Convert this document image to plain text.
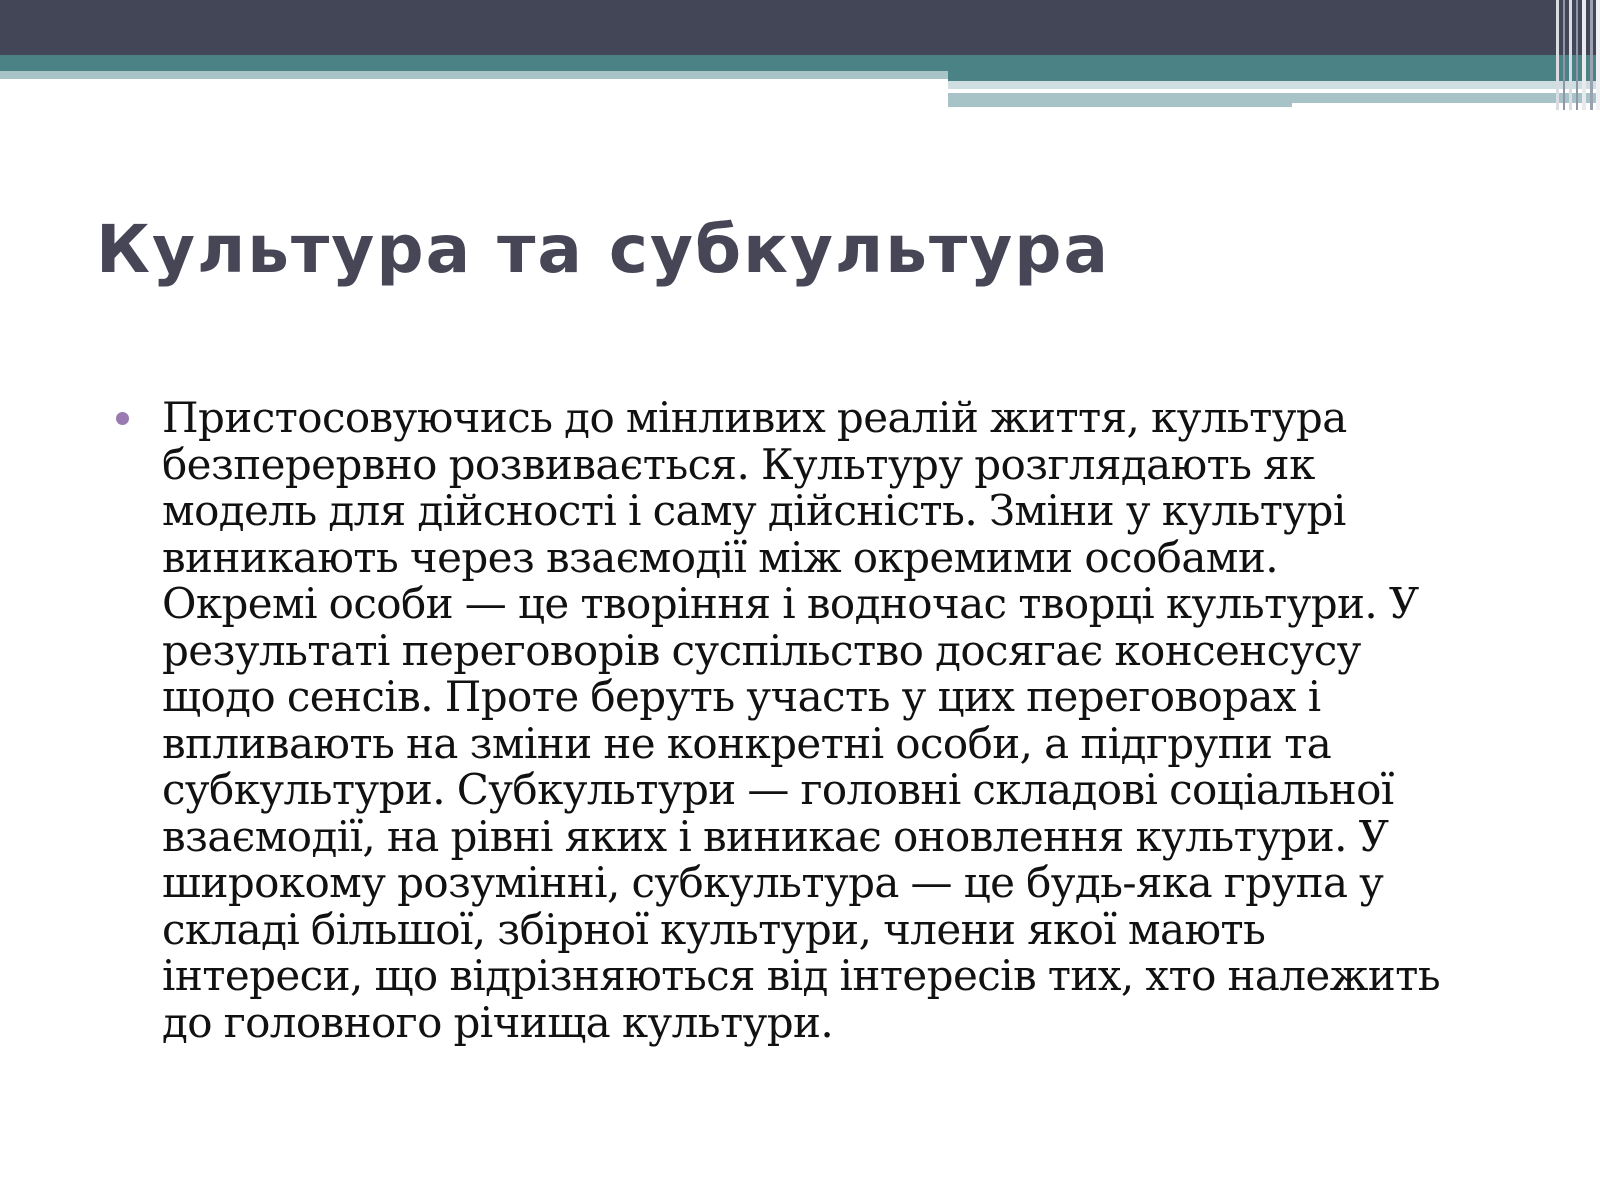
Культура та субкультура

Пристосовуючись до мінливих реалій життя, культура
безперервно розвивається. Культуру розглядають як
модель для дійсності і саму дійсність. Зміни у культурі
виникають через взаємодії між окремими особами.
Окремі особи — це творіння і водночас творці культури. У
результаті переговорів суспільство досягає консенсусу
щодо сенсів. Проте беруть участь у цих переговорах і
впливають на зміни не конкретні особи, а підгрупи та
субкультури. Субкультури — головні складові соціальної
взаємодії, на рівні яких і виникає оновлення культури. У
широкому розумінні, субкультура — це будь-яка група у
складі більшої, збірної культури, члени якої мають
інтереси, що відрізняються від інтересів тих, хто належить
до головного річища культури.
